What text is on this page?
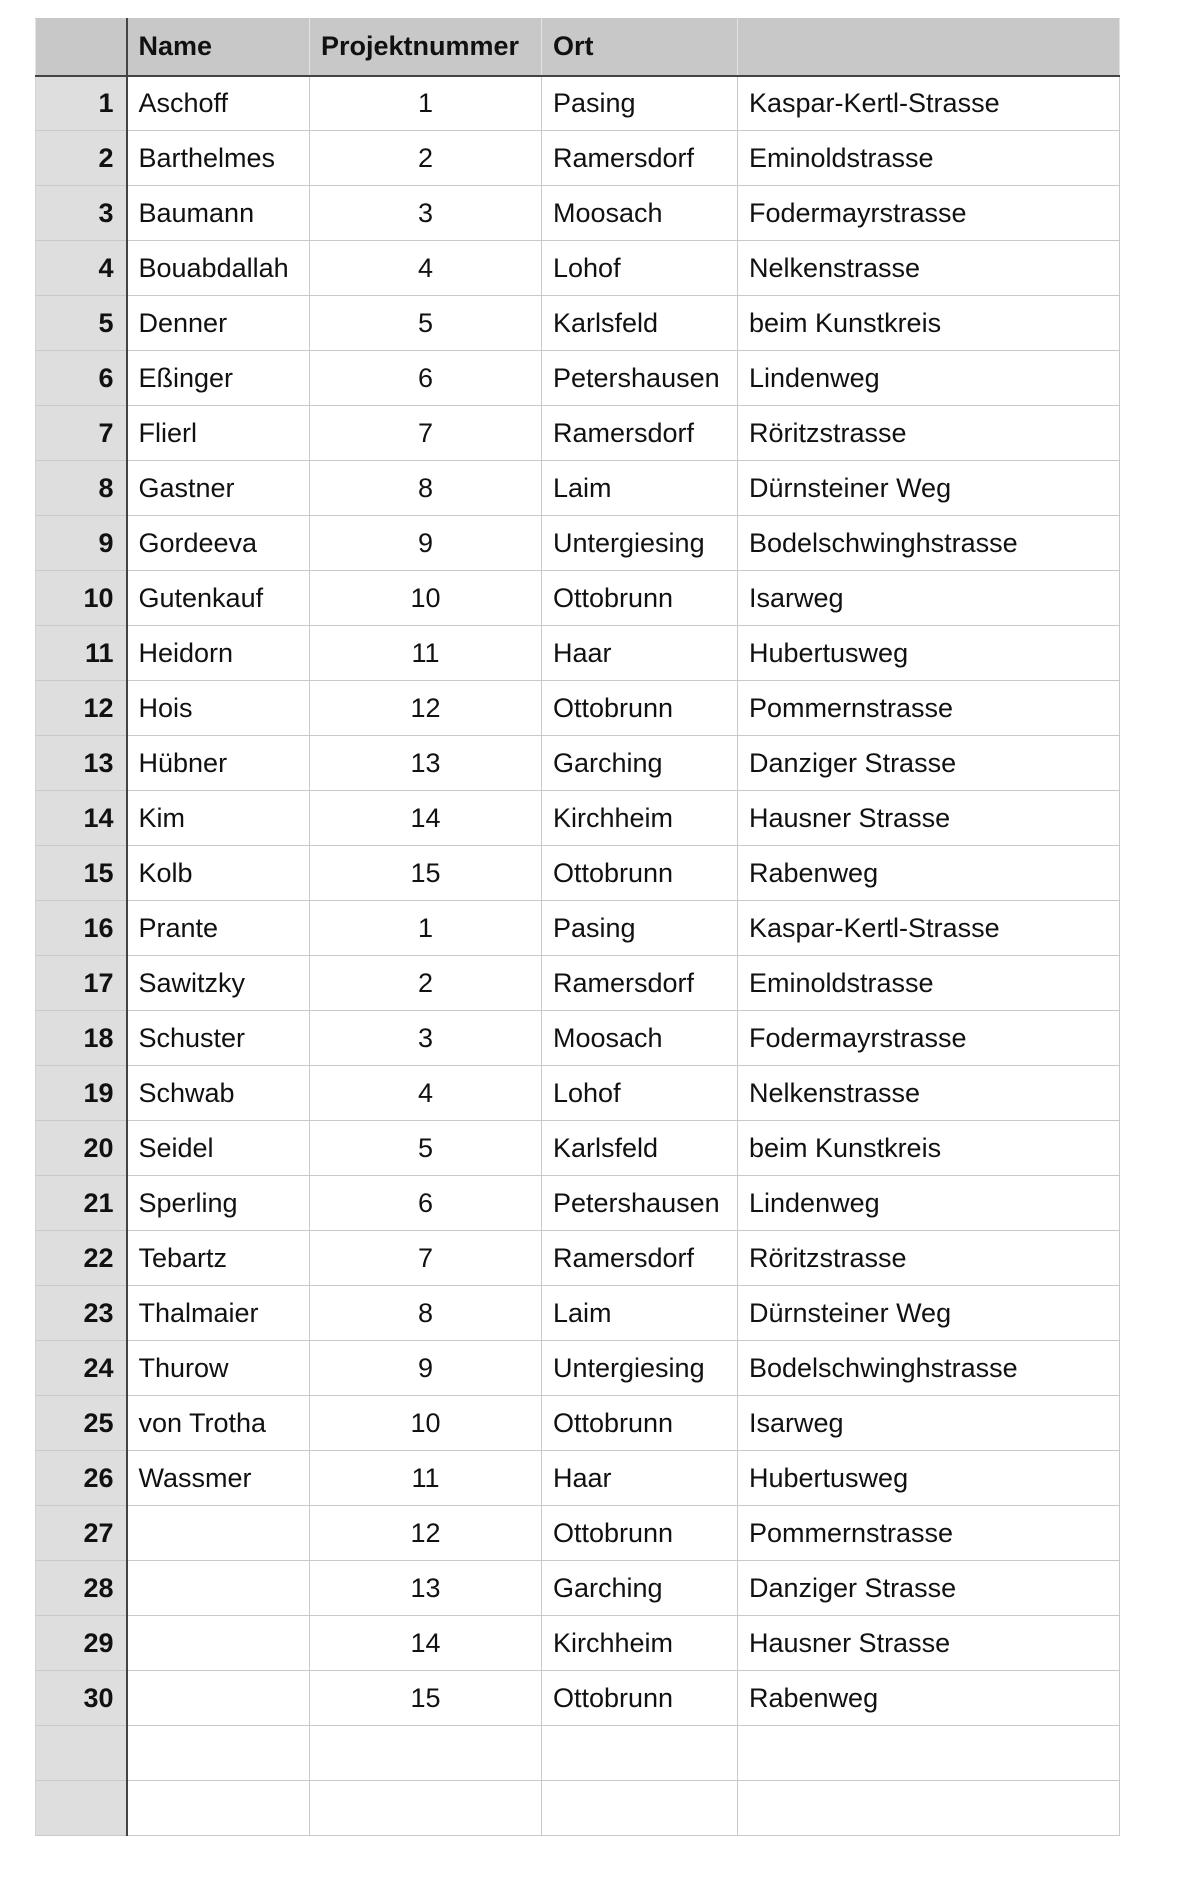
	Name	Projektnummer	Ort	
1	Aschoff	1	Pasing	Kaspar-Kertl-Strasse
2	Barthelmes	2	Ramersdorf	Eminoldstrasse
3	Baumann	3	Moosach	Fodermayrstrasse
4	Bouabdallah	4	Lohof	Nelkenstrasse
5	Denner	5	Karlsfeld	beim Kunstkreis
6	Eßinger	6	Petershausen	Lindenweg
7	Flierl	7	Ramersdorf	Röritzstrasse
8	Gastner	8	Laim	Dürnsteiner Weg
9	Gordeeva	9	Untergiesing	Bodelschwinghstrasse
10	Gutenkauf	10	Ottobrunn	Isarweg
11	Heidorn	11	Haar	Hubertusweg
12	Hois	12	Ottobrunn	Pommernstrasse
13	Hübner	13	Garching	Danziger Strasse
14	Kim	14	Kirchheim	Hausner Strasse
15	Kolb	15	Ottobrunn	Rabenweg
16	Prante	1	Pasing	Kaspar-Kertl-Strasse
17	Sawitzky	2	Ramersdorf	Eminoldstrasse
18	Schuster	3	Moosach	Fodermayrstrasse
19	Schwab	4	Lohof	Nelkenstrasse
20	Seidel	5	Karlsfeld	beim Kunstkreis
21	Sperling	6	Petershausen	Lindenweg
22	Tebartz	7	Ramersdorf	Röritzstrasse
23	Thalmaier	8	Laim	Dürnsteiner Weg
24	Thurow	9	Untergiesing	Bodelschwinghstrasse
25	von Trotha	10	Ottobrunn	Isarweg
26	Wassmer	11	Haar	Hubertusweg
27		12	Ottobrunn	Pommernstrasse
28		13	Garching	Danziger Strasse
29		14	Kirchheim	Hausner Strasse
30		15	Ottobrunn	Rabenweg
